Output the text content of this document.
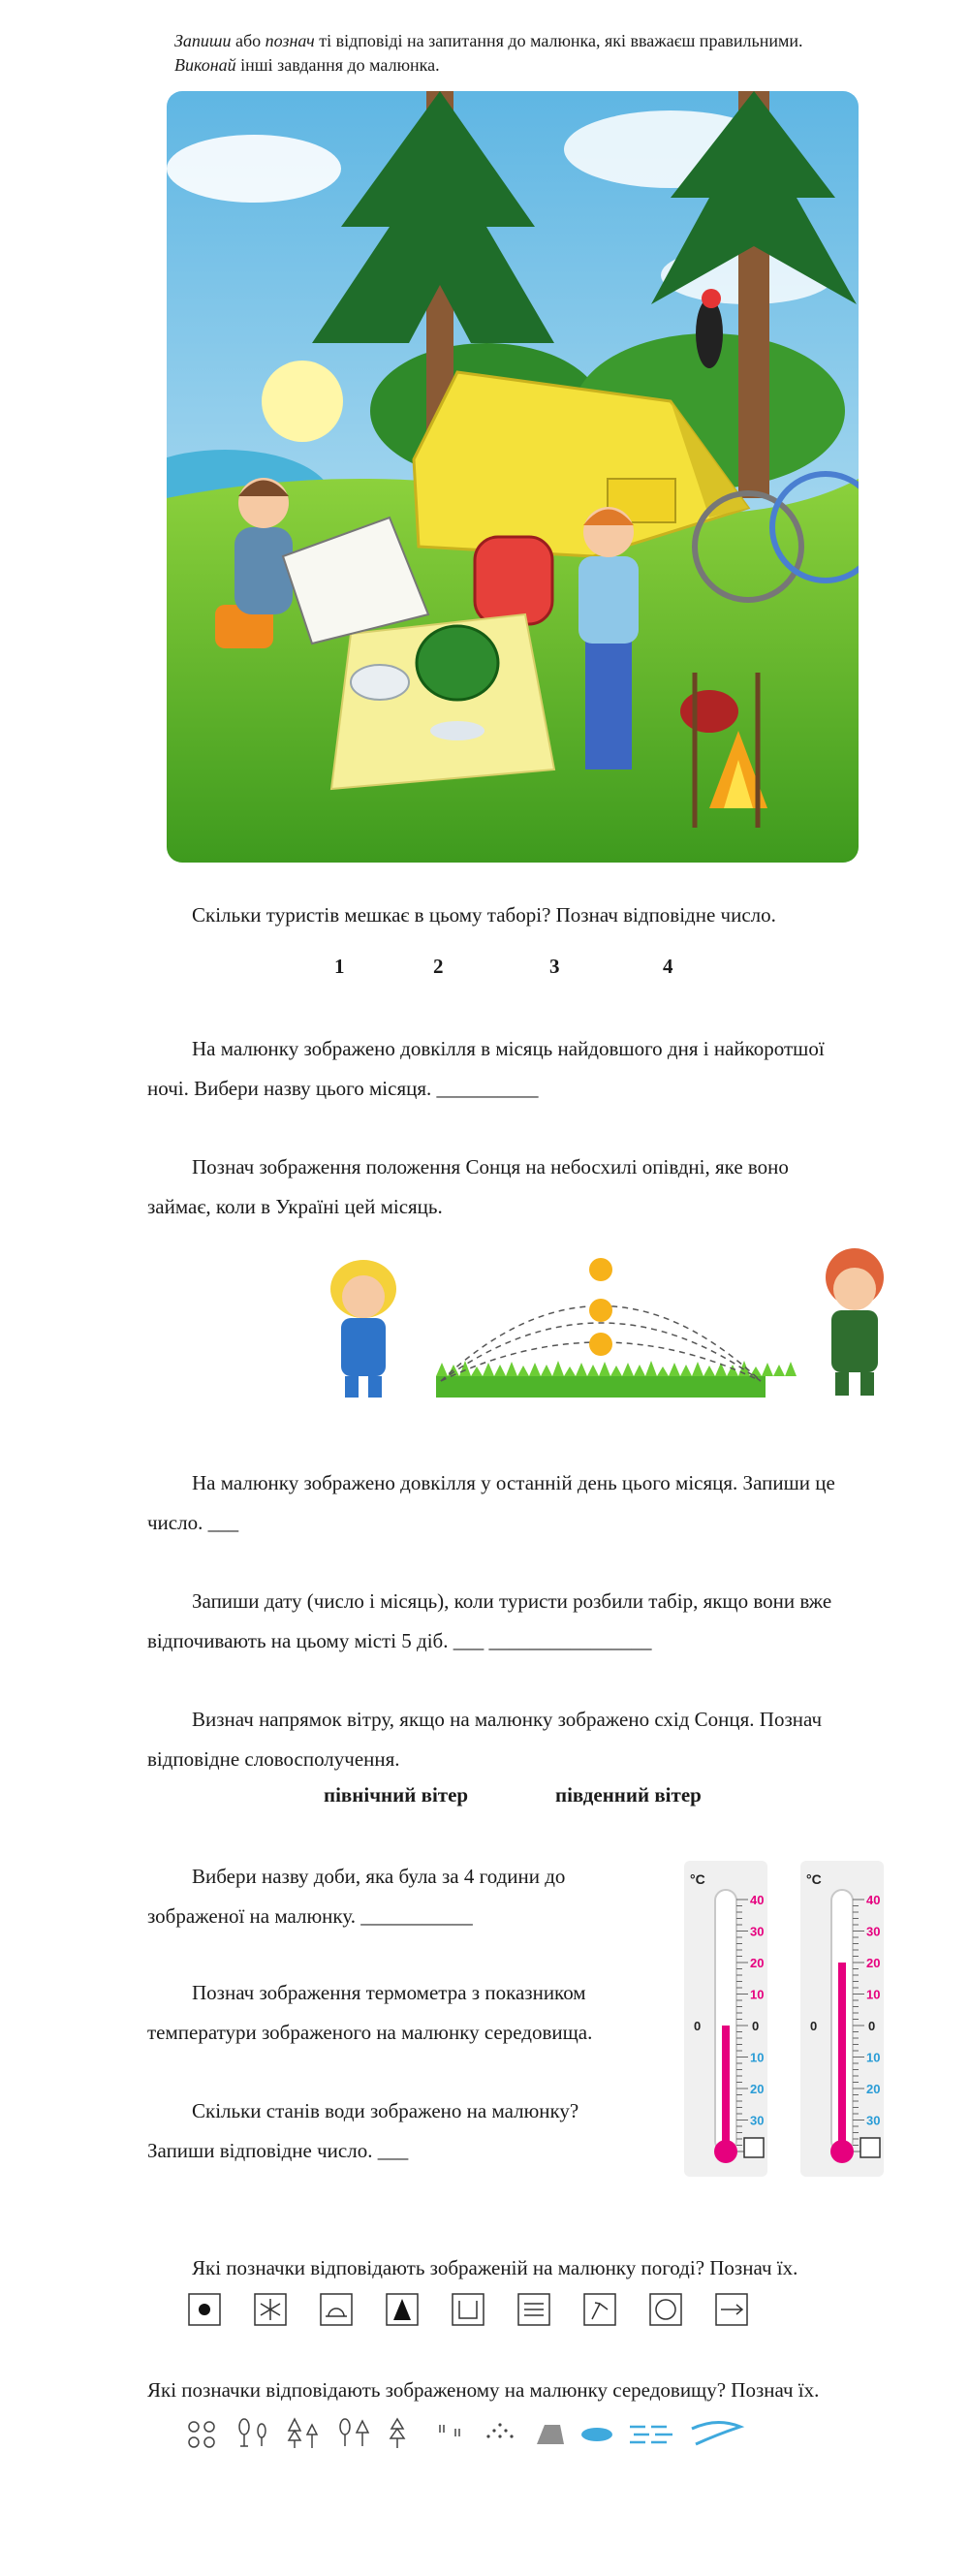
Запиши або познач ті відповіді на запитання до малюнка, які вважаєш правильними. Виконай інші завдання до малюнка.
Скільки туристів мешкає в цьому таборі? Познач відповідне число.
1	2	3	4
На малюнку зображено довкілля в місяць найдовшого дня і найкоротшої
ночі. Вибери назву цього місяця. __________
Познач зображення положення Сонця на небосхилі опівдні, яке воно
займає, коли в Україні цей місяць.
На малюнку зображено довкілля у останній день цього місяця. Запиши це
число. ___
Запиши дату (число і місяць), коли туристи розбили табір, якщо вони вже
відпочивають на цьому місті 5 діб. ___ ________________
Визнач напрямок вітру, якщо на малюнку зображено схід Сонця. Познач
відповідне словосполучення.
північний вітер	південний вітер
Вибери назву доби, яка була за 4 години до
зображеної на малюнку. ___________
Познач зображення термометра з показником
температури зображеного на малюнку середовища.
Скільки станів води зображено на малюнку?
Запиши відповідне число. ___
°C
40
30
20
10
0	0
10
20
30
°C
40
30
20
10
0	0
10
20
30
Які позначки відповідають зображеній на малюнку погоді? Познач їх.
Які позначки відповідають зображеному на малюнку середовищу? Познач їх.
